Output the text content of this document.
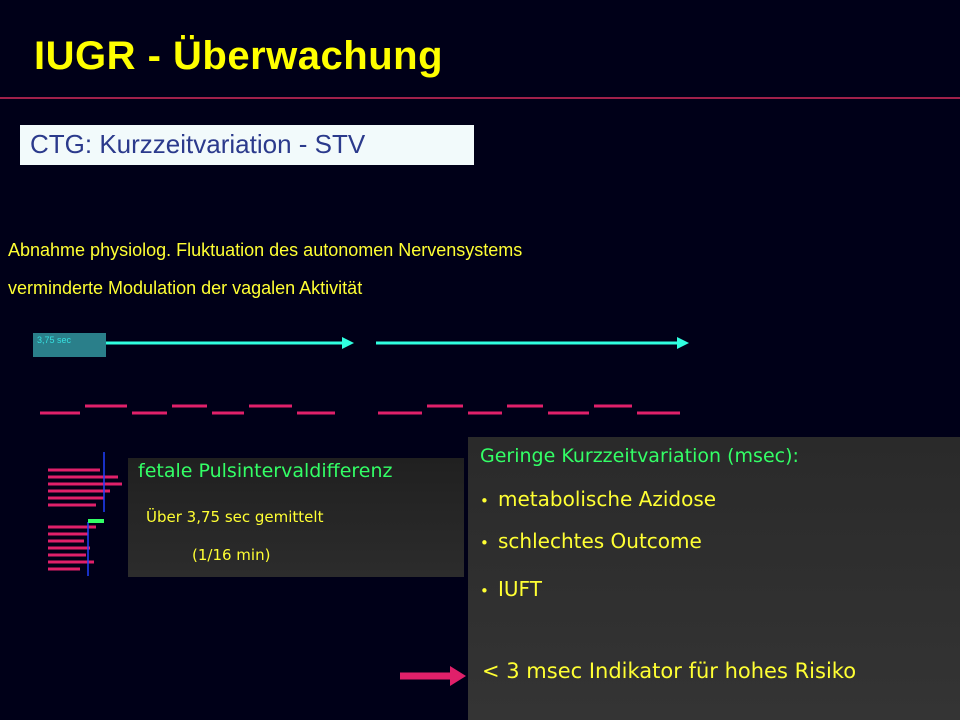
IUGR - Überwachung
CTG: Kurzzeitvariation - STV
Abnahme physiolog. Fluktuation des autonomen Nervensystems
verminderte Modulation der vagalen Aktivität
3,75 sec
fetale Pulsintervaldifferenz
Über 3,75 sec gemittelt
(1/16 min)
Geringe Kurzzeitvariation (msec):
• metabolische Azidose
• schlechtes Outcome
• IUFT
< 3 msec Indikator für hohes Risiko
